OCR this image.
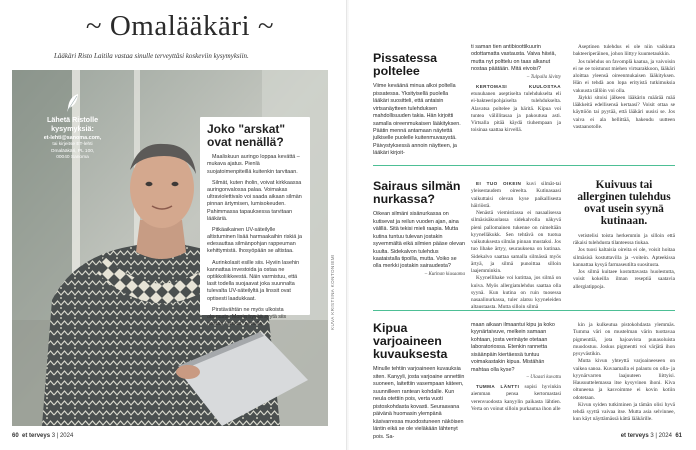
~ Omalääkäri ~
Lääkäri Risto Laitila vastaa sinulle terveyttäsi koskeviin kysymyksiin.
Lähetä Ristolle
kysymyksiä:
et-lehti@sanoma.com,
tai kirjeitse ET-lehti
Omalääkäri, PL 100,
00040 Sanoma
Joko "arskat" ovat nenällä?

Maaliskuun auringo loppaa kevättä – mukava ajatus. Pienlä suojatoimenpiteillä kuitenkin tarvitaan.

Silmät, kuten iholin, voivat kirkkaassa auringonvalossa palaa. Voimakas ultraviolettivalo voi saada aikaan silmän pinnan ärtymisen, lumisokeuden. Pahimmassa tapauksessa tarvitaan lääkäriä.

Pitkäaikainen UV-säteilylle altistuminen lisää harmaakaihin riskiä ja edesauttaa silmänpohjan rappeuman kehittymistä. Ihosyöpään se altistaa.

Aurinkolasit esille siis. Hyviin lasehin kannattaa investoida ja ostaa ne optikkoliikkeestä. Näin varmistuu, että lasit todella suojaavat joka suunnalta tulevalta UV-säteilyltä ja linssit ovat optisesti laadukkaat.

Pirstävähtän ne myös ulkoista olemusta. Monta hyvää syytä siis nostaa "arskat" nenälle.	KUVA KRISTIINA KONTONIEMI
60 et terveys 3 | 2024
Pissatessa poltelee
Viime keväänä minua alkoi poltella pissatessa. Yksityisellä puolella lääkäri suositteli, että antaisin virtsanäytteen tulehduksen mahdollisuuden takia. Hän kirjoitti samalla oireenmukaisen lääkityksen. Päätin mennä antamaan näytettä julkiselle puolelle kuitenmuvasystä. Päivystyksessä annoin näytteen, ja lääkäri kirjoit-
ti saman tien antibioottikuurin odottamatta vastausta. Vaiva häviä, mutta nyt polttelu on taas alkanut nostaa päätään. Mitä eivoisi?
– Tulpalla lävitty

KERTOMASI KUULOSTAA etunuhanen aseptiselta tulehdukselta eli ei-bakteeripohjaiselta tulehdukselta. Alavatsa poltelee ja häritä. Kipua voi tuntea välillitasaa ja pakoutusa asti. Virtsalla pitää käydä tiuhempaan ja toisinaa saattaa kirvellä.

Aseptinen tulehdus ei ole niin vaikkuta bakteeriperäinen, johon liittyy kuumetaukkin.

Jos tulehdus on favomplä kaatua, ja vaivoisin ei ne oe toistunut miehen virtsarakkoon, lääkäri aloittaa yleensä oireenmukaisen lääkityksen. Hän ei tehdä aon lopa erityistä tutkimuksia vakuusta tällöin voi olla.

Jäykki sitoisi jälkeen lääkärin määrää mää lääkkeitä edellisensä kertaasi? Voisit ottaa se käyttöön tai pyytää, että lääkäri uusisi se. Jos vaiva ei ala hellittää, hakeudu uutteen vastaanotolle.

Sairaus silmän nurkassa?
Oikean silmäni sisänurkassa on kutisevat ja reilun vuoden ajan, aina välillä. Sitä tekisi mieli raapia. Mutta kutina tuntuu tulevan jostakin syvemmältä eikä silmien pääse olevan kuulta. Sidekalvon tulehdus kaataistalla tipoilla, mutta. Voiko se olla merkki jostakin sairaudesta?
– Kutinan kiusaama

EI TUO OIKEIN kuvi silmät-tai yleisestaudem oireelta. Kutinasaasi vaikuttaisi olevan kyse paikallisesta häiriöstä.

Nenästä viemistiassa ei nasaalisessa silmäsisäkuolassa sidekalvolla näkyvä pieni pallomainen tukenne on nimeltään kyynelläkukk. Sen tehtävä on tuotua vaikutuksesta silmän pinnan mustaksi. Jos tuo lihake ärtyy, seurauksena on kutinaa. Sidekalvo saattaa samalla silmässä myös ärtyä, ja silmä punoittaa silloin laajemminkin.

Kyynellihake voi kutittaa, jos silmä on kuiva. Myös allergiatulehdus saattaa olla syynä. Kun kutina on ruin tuosessa nasaalinurkassa, tuler alatsu kyyneleiden altaustaasta. Mutta silloin silmä

Kuivuus tai allerginen tulehdus ovat usein syynä kutinaan.

vetistelisi toista herkemmin ja silloin että räkaisi tulehdusta tilanteessa tiukaa.

Jos tuosi kaltaisia oireita ei ole, voisit hoitaa silmäsisä kostuttavilla ja -voitein. Apteekissa kannattaa kysyä farmaseutilta suositusta.

Jos silmä kuitaee kostuttavasta huolestutta, voisit kokeilla ilman reseptiä saatavia allergiatippoja.

Kipua varjoaineen kuvauksesta
Minulle tehtiin varjoaineen kuvauksia siten. Kanyyli, josta varjoaine annettiin suoneen, laitettiin vasempaan käteen, suunnilleen rantean kohdalle. Kun neula otettiin pois, verta vuoti pistoskohdasta kovasti. Seuraavana päivänä huomasin ylempänä käsivarressa muodostuneen näköisen läntin eikä se ole vieläkään lähtenyt pois. Sa-
maan aikaan ilmaantui kipu ja koko kyynärtaivuve, melkein samaan kohtaan, josta verinäyte otetaan laboratoriossa. Etenkin rannetta sisäänpäin kiertäessä tuntuu voimakastakin kipua. Mistähän mahtaa olla kyse?
– Ulaasti kuvattu

TUMMA LÄNTTI sopisi hyvinkin aiemman pensa kertomastasi verenvuodosta kanyylin paikasta lähtien. Verta on voinut silloin purkautua ihon alle

kin ja kulkeutua pistokohdasta ylemmäs. Tumma väri on mustelman värin tuottavaa pigmenttiä, jota hajoavista punasoluista muodostuu. Joskus pigmentti voi värjätä ihon pysyvästikin.

Mutta kivun yhteyttä varjoaineeseen on vaikea sanoa. Kuvaamalla ei palautu on olla- ja kyynärvarren laajuuteen liittyisi. Hausuuttelemassa itse kysyvinen ihoni. Kiva oltuneena ja kasvoimme ei kovin kotiin odotetaan.

Kivun syiden tutkiminen ja tämän olisi hyvä tehdä syyttä vaivaa itse. Mutta asia selvinnee, kun käyt näyttämässä kättä lääkärille.

et terveys 3 | 2024 61
